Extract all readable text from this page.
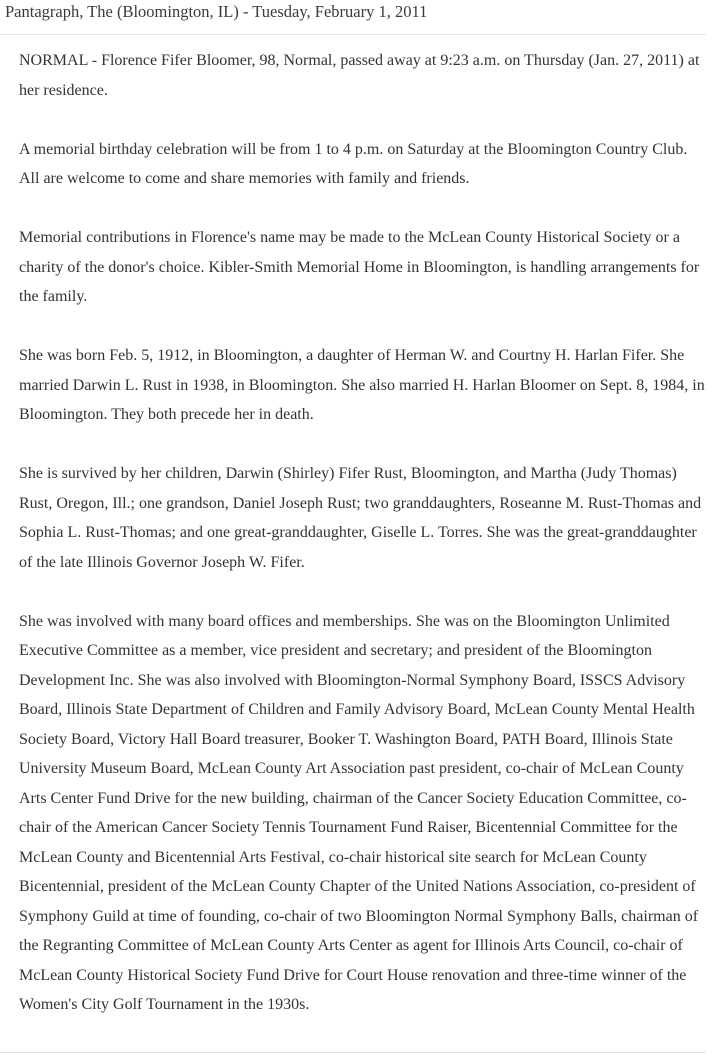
Pantagraph, The (Bloomington, IL) - Tuesday, February 1, 2011

NORMAL - Florence Fifer Bloomer, 98, Normal, passed away at 9:23 a.m. on Thursday (Jan. 27, 2011) at her residence.

A memorial birthday celebration will be from 1 to 4 p.m. on Saturday at the Bloomington Country Club. All are welcome to come and share memories with family and friends.

Memorial contributions in Florence's name may be made to the McLean County Historical Society or a charity of the donor's choice. Kibler-Smith Memorial Home in Bloomington, is handling arrangements for the family.

She was born Feb. 5, 1912, in Bloomington, a daughter of Herman W. and Courtny H. Harlan Fifer. She married Darwin L. Rust in 1938, in Bloomington. She also married H. Harlan Bloomer on Sept. 8, 1984, in Bloomington. They both precede her in death.

She is survived by her children, Darwin (Shirley) Fifer Rust, Bloomington, and Martha (Judy Thomas) Rust, Oregon, Ill.; one grandson, Daniel Joseph Rust; two granddaughters, Roseanne M. Rust-Thomas and Sophia L. Rust-Thomas; and one great-granddaughter, Giselle L. Torres. She was the great-granddaughter of the late Illinois Governor Joseph W. Fifer.

She was involved with many board offices and memberships. She was on the Bloomington Unlimited Executive Committee as a member, vice president and secretary; and president of the Bloomington Development Inc. She was also involved with Bloomington-Normal Symphony Board, ISSCS Advisory Board, Illinois State Department of Children and Family Advisory Board, McLean County Mental Health Society Board, Victory Hall Board treasurer, Booker T. Washington Board, PATH Board, Illinois State University Museum Board, McLean County Art Association past president, co-chair of McLean County Arts Center Fund Drive for the new building, chairman of the Cancer Society Education Committee, co-chair of the American Cancer Society Tennis Tournament Fund Raiser, Bicentennial Committee for the McLean County and Bicentennial Arts Festival, co-chair historical site search for McLean County Bicentennial, president of the McLean County Chapter of the United Nations Association, co-president of Symphony Guild at time of founding, co-chair of two Bloomington Normal Symphony Balls, chairman of the Regranting Committee of McLean County Arts Center as agent for Illinois Arts Council, co-chair of McLean County Historical Society Fund Drive for Court House renovation and three-time winner of the Women's City Golf Tournament in the 1930s.
